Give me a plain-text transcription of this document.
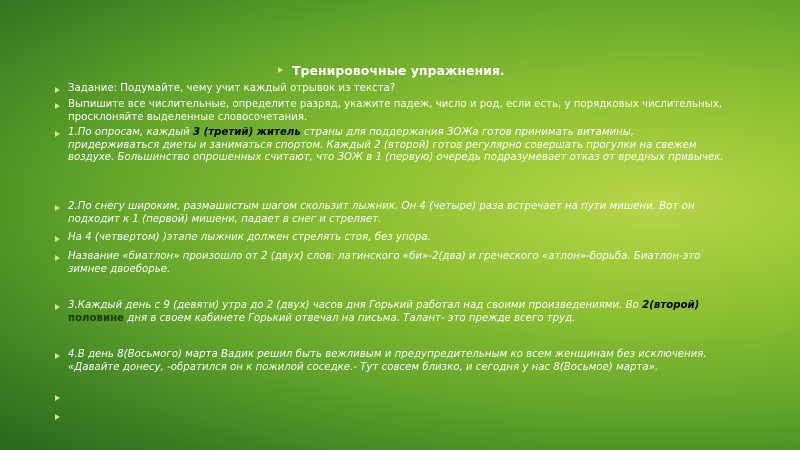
Тренировочные упражнения.
Задание: Подумайте, чему учит каждый отрывок из текста?
Выпишите все числительные, определите разряд, укажите падеж, число и род, если есть, у порядковых числительных, просклоняйте выделенные словосочетания.
1.По опросам, каждый 3 (третий) житель страны для поддержания ЗОЖа готов принимать витамины, придерживаться диеты и заниматься спортом. Каждый 2 (второй) готов регулярно совершать прогулки на свежем воздухе. Большинство опрошенных считают, что ЗОЖ в 1 (первую) очередь подразумевает отказ от вредных привычек.
2.По снегу широким, размашистым шагом скользит лыжник. Он 4 (четыре) раза встречает на пути мишени. Вот он подходит к 1 (первой) мишени, падает в снег и стреляет.
На 4 (четвертом) )этапе лыжник должен стрелять стоя, без упора.
Название «биатлон» произошло от 2 (двух) слов: латинского «би»-2(два) и греческого «атлон»-борьба. Биатлон-это зимнее двоеборье.
3.Каждый день с 9 (девяти) утра до 2 (двух) часов дня Горький работал над своими произведениями. Во 2(второй) половине дня в своем кабинете Горький отвечал на письма. Талант- это прежде всего труд.
4.В день 8(Восьмого) марта Вадик решил быть вежливым и предупредительным ко всем женщинам без исключения. «Давайте донесу, -обратился он к пожилой соседке.- Тут совсем близко, и сегодня у нас 8(Восьмое) марта».
